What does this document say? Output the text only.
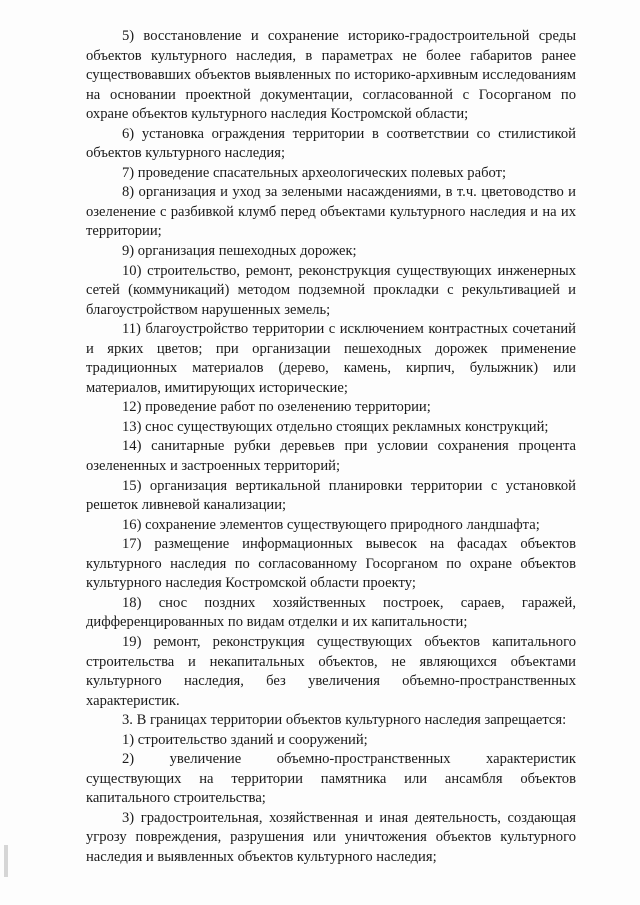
5) восстановление и сохранение историко-градостроительной среды объектов культурного наследия, в параметрах не более габаритов ранее существовавших объектов выявленных по историко-архивным исследованиям на основании проектной документации, согласованной с Госорганом по охране объектов культурного наследия Костромской области;

6) установка ограждения территории в соответствии со стилистикой объектов культурного наследия;

7) проведение спасательных археологических полевых работ;

8) организация и уход за зелеными насаждениями, в т.ч. цветоводство и озеленение с разбивкой клумб перед объектами культурного наследия и на их территории;

9) организация пешеходных дорожек;

10) строительство, ремонт, реконструкция существующих инженерных сетей (коммуникаций) методом подземной прокладки с рекультивацией и благоустройством нарушенных земель;

11) благоустройство территории с исключением контрастных сочетаний и ярких цветов; при организации пешеходных дорожек применение традиционных материалов (дерево, камень, кирпич, булыжник) или материалов, имитирующих исторические;

12) проведение работ по озеленению территории;

13) снос существующих отдельно стоящих рекламных конструкций;

14) санитарные рубки деревьев при условии сохранения процента озелененных и застроенных территорий;

15) организация вертикальной планировки территории с установкой решеток ливневой канализации;

16) сохранение элементов существующего природного ландшафта;

17) размещение информационных вывесок на фасадах объектов культурного наследия по согласованному Госорганом по охране объектов культурного наследия Костромской области проекту;

18) снос поздних хозяйственных построек, сараев, гаражей, дифференцированных по видам отделки и их капитальности;

19) ремонт, реконструкция существующих объектов капитального строительства и некапитальных объектов, не являющихся объектами культурного наследия, без увеличения объемно-пространственных характеристик.

3. В границах территории объектов культурного наследия запрещается:

1) строительство зданий и сооружений;

2) увеличение объемно-пространственных характеристик существующих на территории памятника или ансамбля объектов капитального строительства;

3) градостроительная, хозяйственная и иная деятельность, создающая угрозу повреждения, разрушения или уничтожения объектов культурного наследия и выявленных объектов культурного наследия;
